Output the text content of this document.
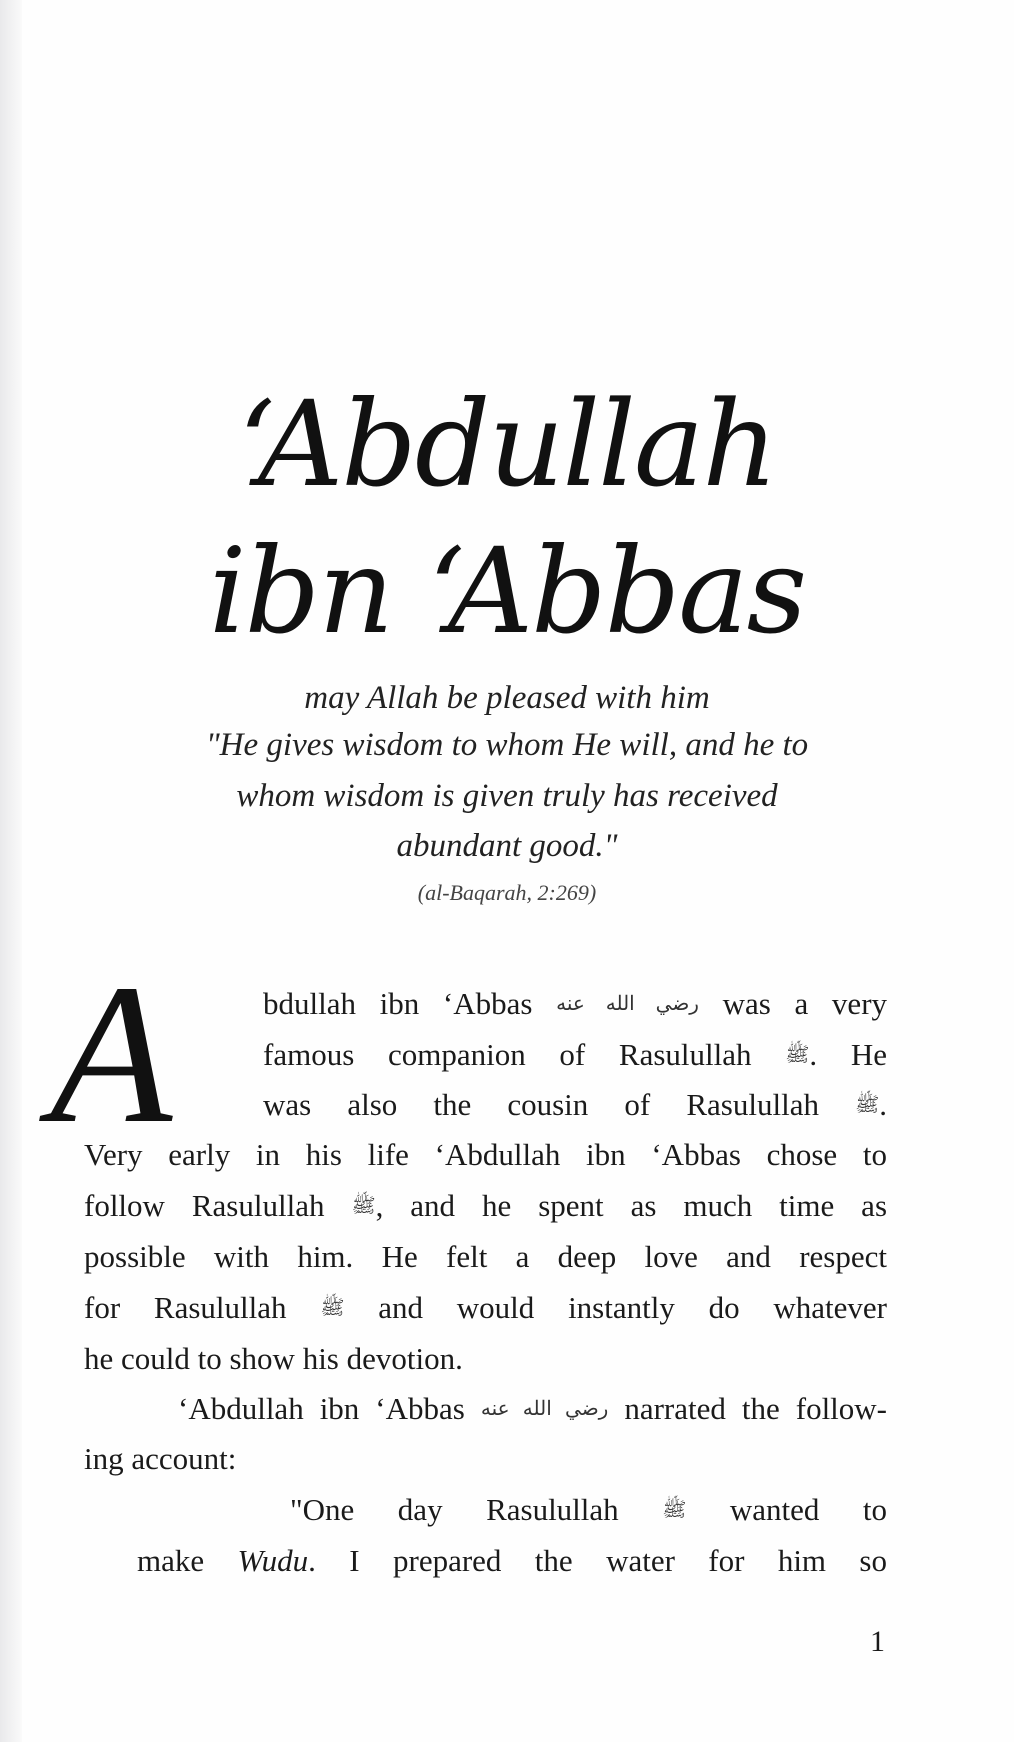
‘Abdullah
ibn ‘Abbas
may Allah be pleased with him
"He gives wisdom to whom He will, and he to
whom wisdom is given truly has received
abundant good."
(al-Baqarah, 2:269)
A	bdullah ibn ‘Abbas رضي الله عنه was a very
famous companion of Rasulullah ﷺ. He
was also the cousin of Rasulullah ﷺ.
Very early in his life ‘Abdullah ibn ‘Abbas chose to
follow Rasulullah ﷺ, and he spent as much time as
possible with him. He felt a deep love and respect
for Rasulullah ﷺ and would instantly do whatever
he could to show his devotion.
‘Abdullah ibn ‘Abbas رضي الله عنه narrated the follow-
ing account:
"One day Rasulullah ﷺ wanted to
make Wudu. I prepared the water for him so
1
